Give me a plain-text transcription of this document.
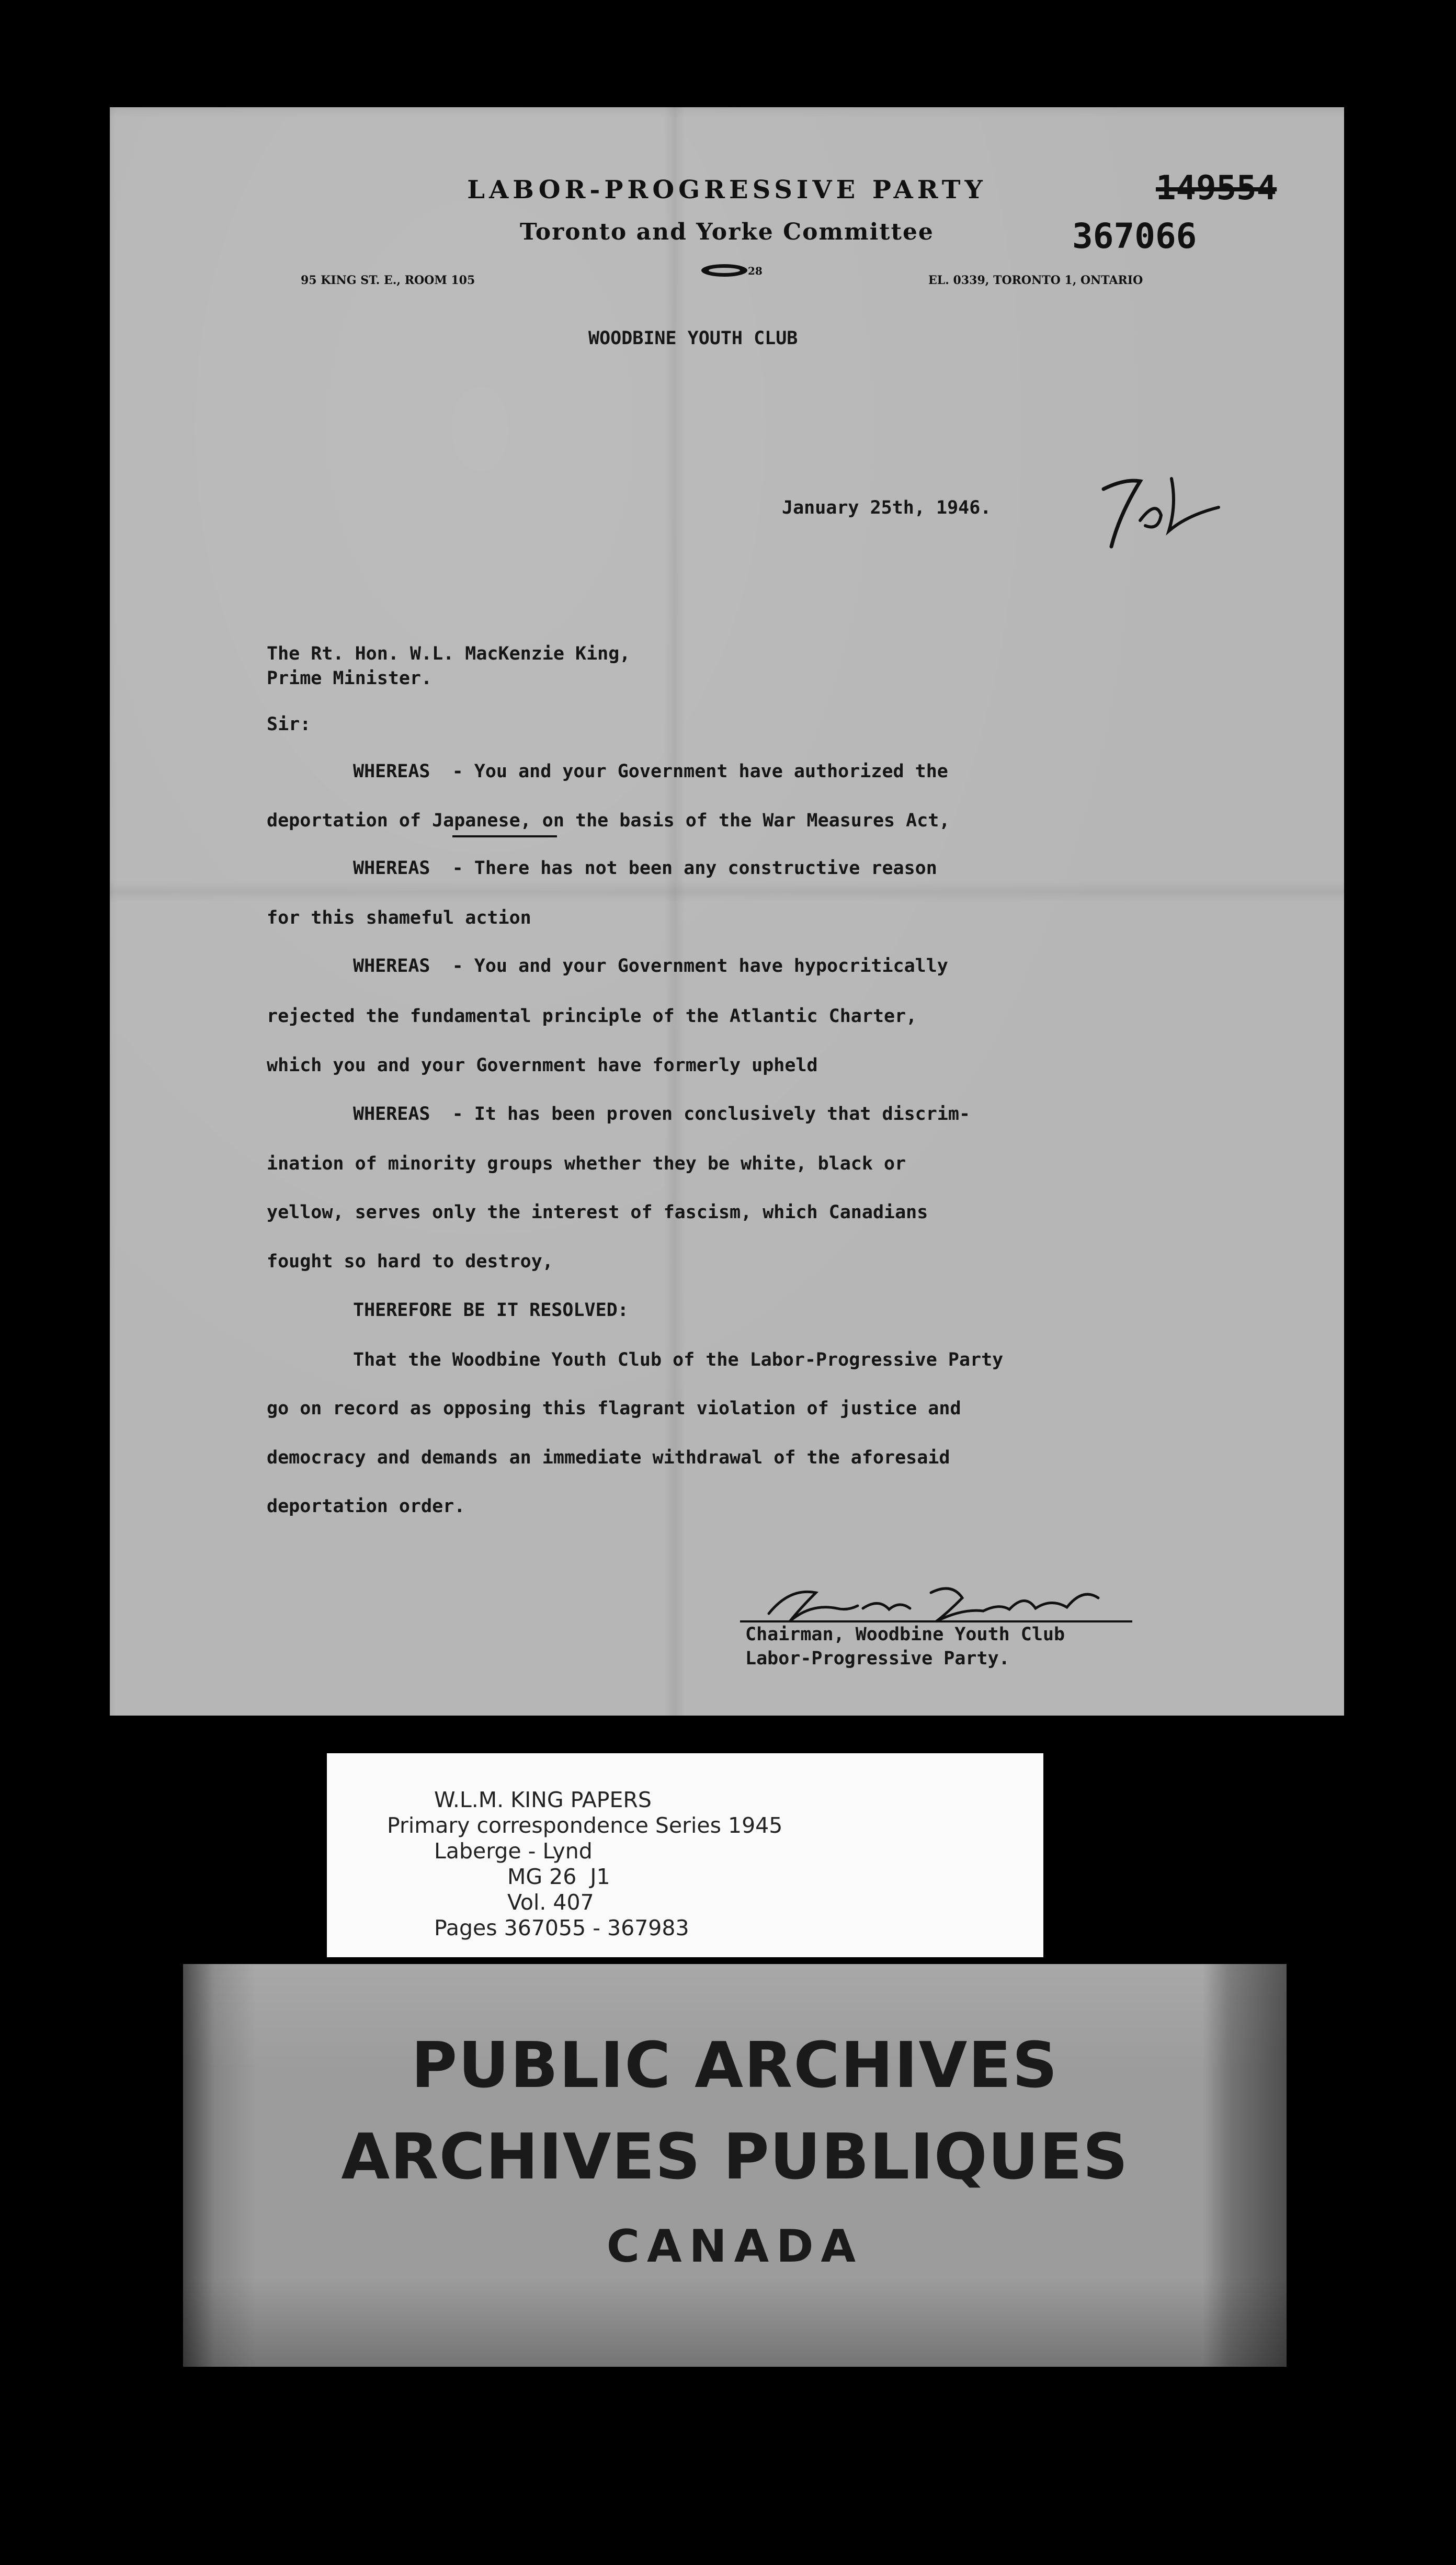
LABOR-PROGRESSIVE PARTY
Toronto and Yorke Committee
28
95 KING ST. E., ROOM 105	EL. 0339, TORONTO 1, ONTARIO
149554
367066
WOODBINE YOUTH CLUB
January 25th, 1946.
The Rt. Hon. W.L. MacKenzie King,
Prime Minister.
Sir:
WHEREAS  - You and your Government have authorized the
deportation of Japanese, on the basis of the War Measures Act,
WHEREAS  - There has not been any constructive reason
for this shameful action
WHEREAS  - You and your Government have hypocritically
rejected the fundamental principle of the Atlantic Charter,
which you and your Government have formerly upheld
WHEREAS  - It has been proven conclusively that discrim-
ination of minority groups whether they be white, black or
yellow, serves only the interest of fascism, which Canadians
fought so hard to destroy,
THEREFORE BE IT RESOLVED:
That the Woodbine Youth Club of the Labor-Progressive Party
go on record as opposing this flagrant violation of justice and
democracy and demands an immediate withdrawal of the aforesaid
deportation order.
Chairman, Woodbine Youth Club
Labor-Progressive Party.
W.L.M. KING PAPERS
Primary correspondence Series 1945
Laberge - Lynd
MG 26  J1
Vol. 407
Pages 367055 - 367983
PUBLIC ARCHIVES
ARCHIVES PUBLIQUES
CANADA
